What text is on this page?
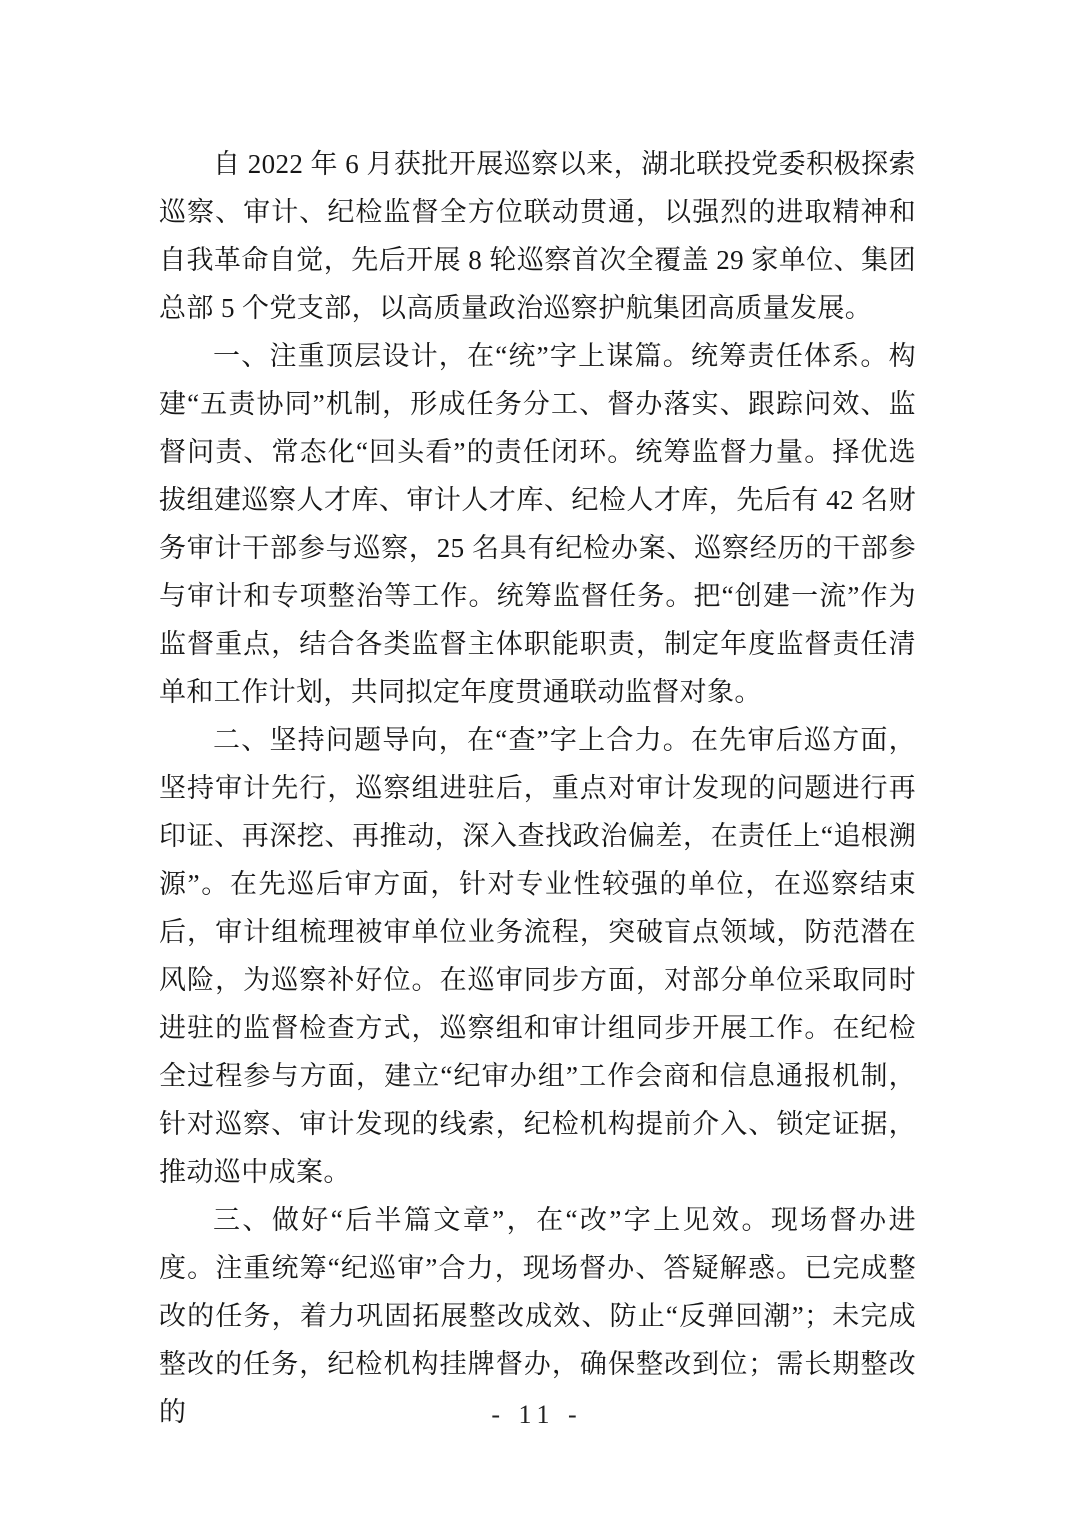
自 2022 年 6 月获批开展巡察以来，湖北联投党委积极探索巡察、审计、纪检监督全方位联动贯通，以强烈的进取精神和自我革命自觉，先后开展 8 轮巡察首次全覆盖 29 家单位、集团总部 5 个党支部，以高质量政治巡察护航集团高质量发展。

一、注重顶层设计，在“统”字上谋篇。统筹责任体系。构建“五责协同”机制，形成任务分工、督办落实、跟踪问效、监督问责、常态化“回头看”的责任闭环。统筹监督力量。择优选拔组建巡察人才库、审计人才库、纪检人才库，先后有 42 名财务审计干部参与巡察，25 名具有纪检办案、巡察经历的干部参与审计和专项整治等工作。统筹监督任务。把“创建一流”作为监督重点，结合各类监督主体职能职责，制定年度监督责任清单和工作计划，共同拟定年度贯通联动监督对象。

二、坚持问题导向，在“查”字上合力。在先审后巡方面，坚持审计先行，巡察组进驻后，重点对审计发现的问题进行再印证、再深挖、再推动，深入查找政治偏差，在责任上“追根溯源”。在先巡后审方面，针对专业性较强的单位，在巡察结束后，审计组梳理被审单位业务流程，突破盲点领域，防范潜在风险，为巡察补好位。在巡审同步方面，对部分单位采取同时进驻的监督检查方式，巡察组和审计组同步开展工作。在纪检全过程参与方面，建立“纪审办组”工作会商和信息通报机制，针对巡察、审计发现的线索，纪检机构提前介入、锁定证据，推动巡中成案。

三、做好“后半篇文章”，在“改”字上见效。现场督办进度。注重统筹“纪巡审”合力，现场督办、答疑解惑。已完成整改的任务，着力巩固拓展整改成效、防止“反弹回潮”；未完成整改的任务，纪检机构挂牌督办，确保整改到位；需长期整改的	- 11 -
